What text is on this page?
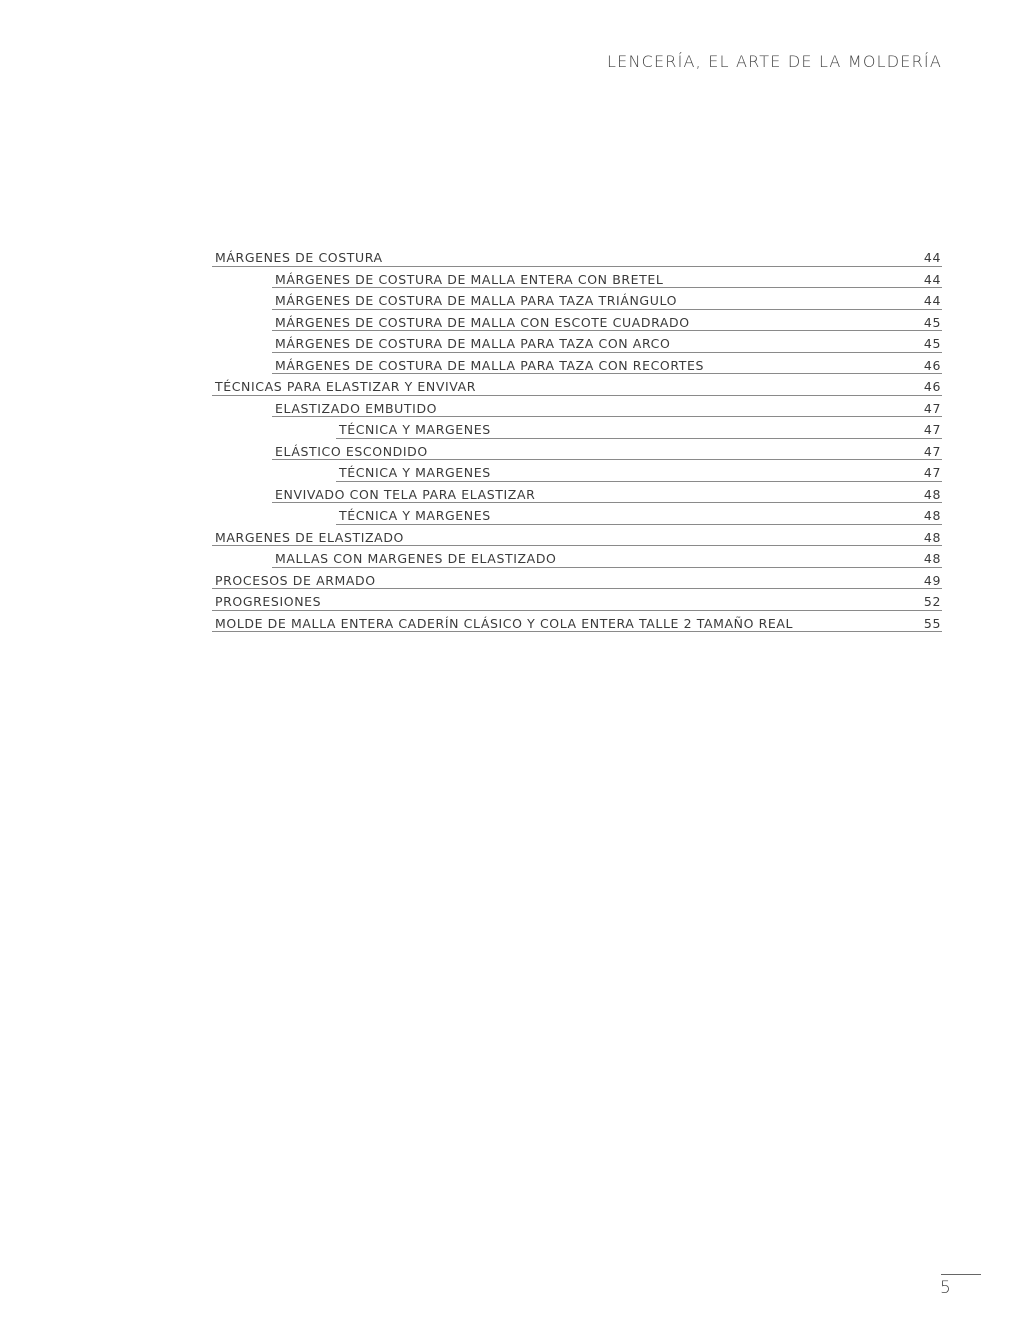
LENCERÍA, EL ARTE DE LA MOLDERÍA
MÁRGENES DE COSTURA	44
MÁRGENES DE COSTURA DE MALLA ENTERA CON BRETEL	44
MÁRGENES DE COSTURA DE MALLA PARA TAZA TRIÁNGULO	44
MÁRGENES DE COSTURA DE MALLA CON ESCOTE CUADRADO	45
MÁRGENES DE COSTURA DE MALLA PARA TAZA CON ARCO	45
MÁRGENES DE COSTURA DE MALLA PARA TAZA CON RECORTES	46
TÉCNICAS PARA ELASTIZAR Y ENVIVAR	46
ELASTIZADO EMBUTIDO	47
TÉCNICA Y MARGENES	47
ELÁSTICO ESCONDIDO	47
TÉCNICA Y MARGENES	47
ENVIVADO CON TELA PARA ELASTIZAR	48
TÉCNICA Y MARGENES	48
MARGENES DE ELASTIZADO	48
MALLAS CON MARGENES DE ELASTIZADO	48
PROCESOS DE ARMADO	49
PROGRESIONES	52
MOLDE DE MALLA ENTERA CADERÍN CLÁSICO Y COLA ENTERA TALLE 2 TAMAÑO REAL	55
5
